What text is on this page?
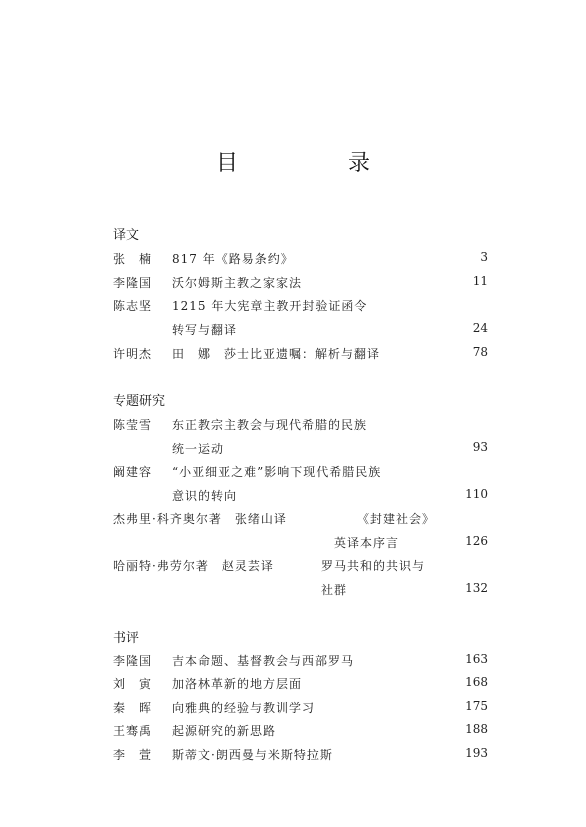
目　录
译文
张　楠 817 年《路易条约》	3
李隆国 沃尔姆斯主教之家家法	11
陈志坚 1215 年大宪章主教开封验证函令
转写与翻译	24
许明杰 田　娜　莎士比亚遗嘱：解析与翻译	78
专题研究
陈莹雪 东正教宗主教会与现代希腊的民族
统一运动	93
阚建容 “小亚细亚之难”影响下现代希腊民族
意识的转向	110
杰弗里·科齐奥尔著　张绪山译	《封建社会》
英译本序言	126
哈丽特·弗劳尔著　赵灵芸译	罗马共和的共识与
社群	132
书评
李隆国 吉本命题、基督教会与西部罗马	163
刘　寅 加洛林革新的地方层面	168
秦　晖 向雅典的经验与教训学习	175
王骞禹 起源研究的新思路	188
李　萱 斯蒂文·朗西曼与米斯特拉斯	193
